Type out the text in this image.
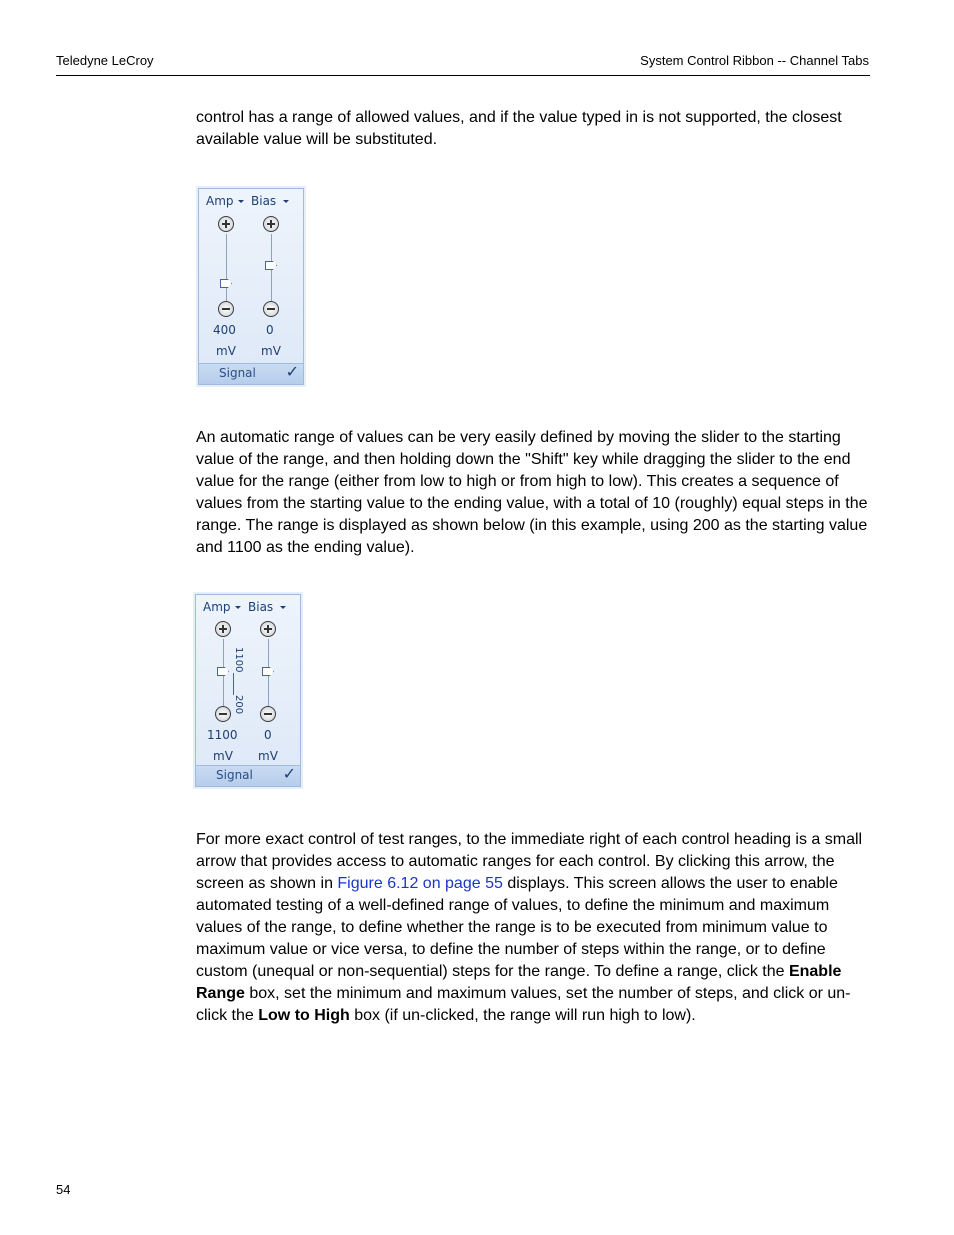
Teledyne LeCroy	System Control Ribbon -- Channel Tabs

control has a range of allowed values, and if the value typed in is not supported, the closest available value will be substituted.

Amp Bias
400	0
mV mV
Signal ✓

An automatic range of values can be very easily defined by moving the slider to the starting value of the range, and then holding down the "Shift" key while dragging the slider to the end value for the range (either from low to high or from high to low). This creates a sequence of values from the starting value to the ending value, with a total of 10 (roughly) equal steps in the range. The range is displayed as shown below (in this example, using 200 as the starting value and 1100 as the ending value).

Amp Bias
1100
200
1100 0
mV mV
Signal ✓

For more exact control of test ranges, to the immediate right of each control heading is a small arrow that provides access to automatic ranges for each control. By clicking this arrow, the screen as shown in Figure 6.12 on page 55 displays. This screen allows the user to enable automated testing of a well-defined range of values, to define the minimum and maximum values of the range, to define whether the range is to be executed from minimum value to maximum value or vice versa, to define the number of steps within the range, or to define custom (unequal or non-sequential) steps for the range. To define a range, click the Enable Range box, set the minimum and maximum values, set the number of steps, and click or un-click the Low to High box (if un-clicked, the range will run high to low).

54
